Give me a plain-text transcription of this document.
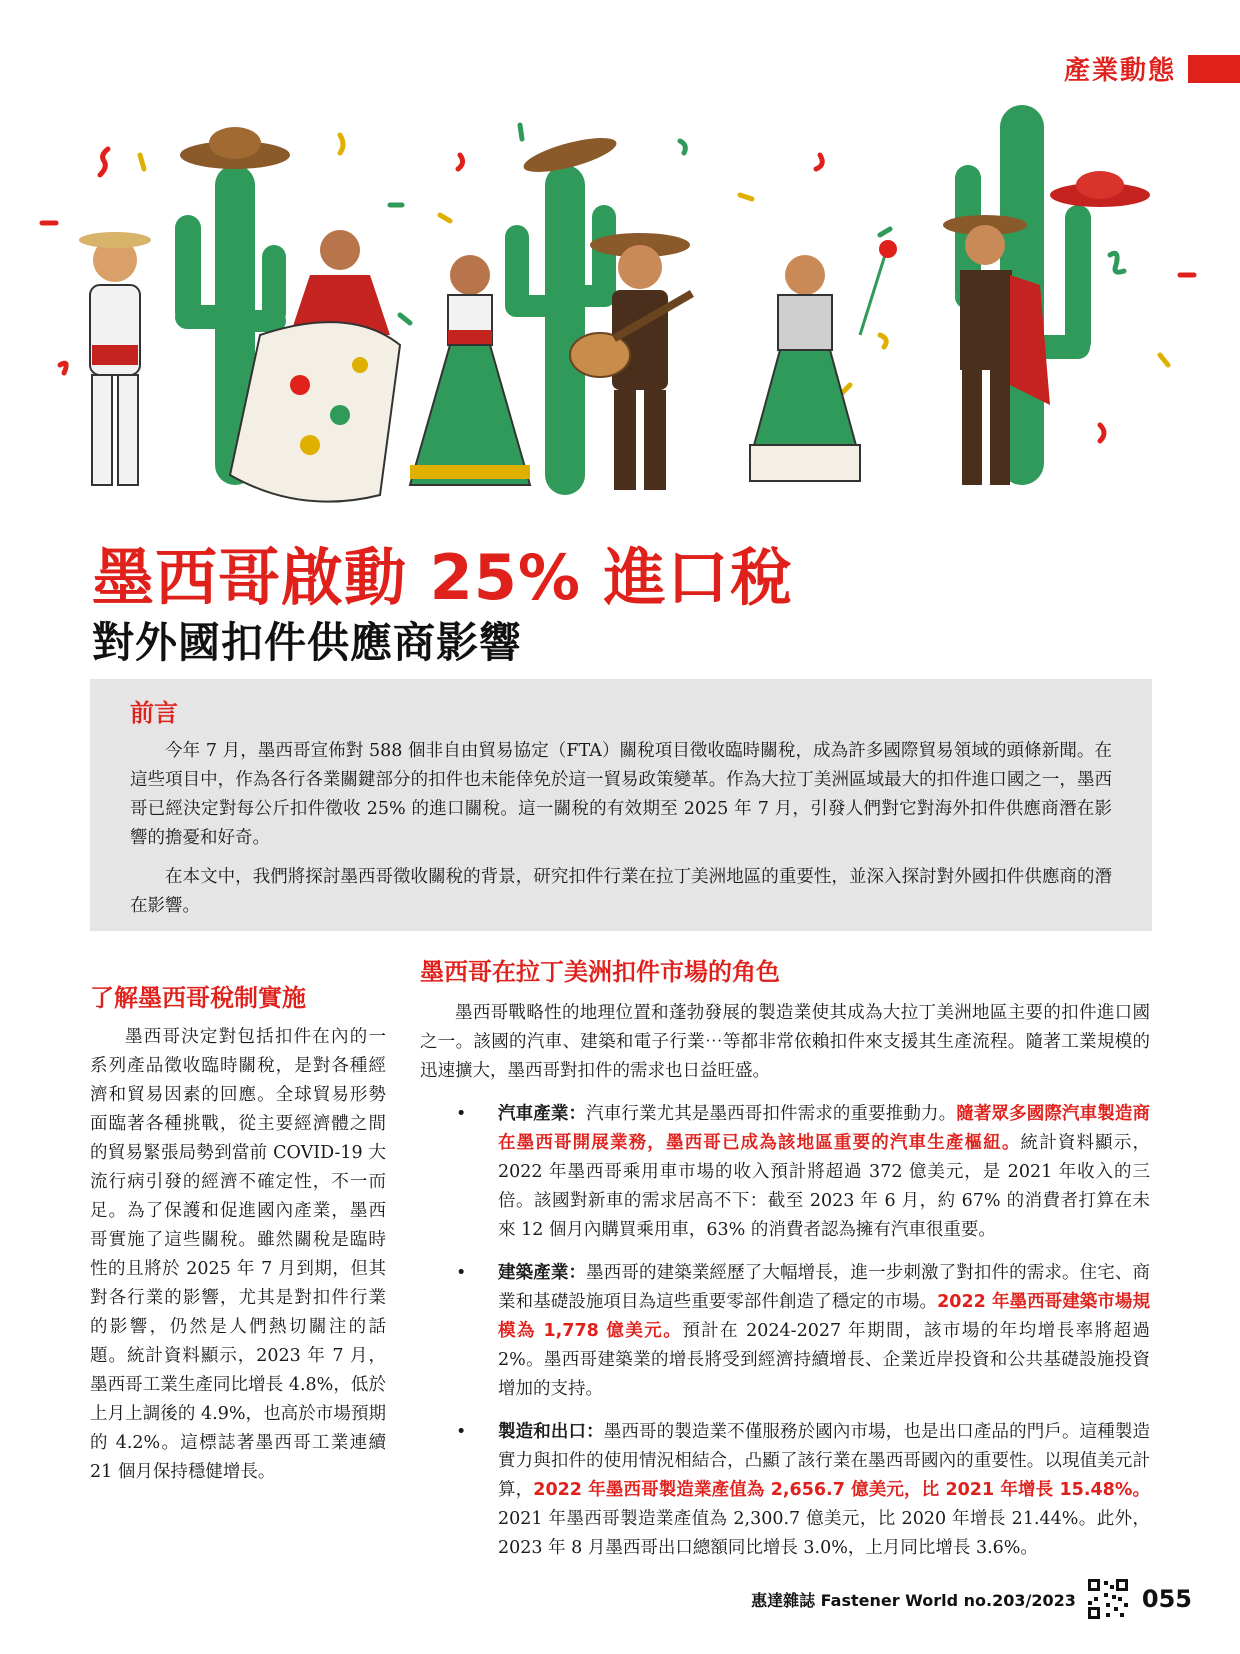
產業動態
墨西哥啟動 25% 進口稅
對外國扣件供應商影響
前言

今年 7 月，墨西哥宣佈對 588 個非自由貿易協定（FTA）關稅項目徵收臨時關稅，成為許多國際貿易領域的頭條新聞。在這些項目中，作為各行各業關鍵部分的扣件也未能倖免於這一貿易政策變革。作為大拉丁美洲區域最大的扣件進口國之一，墨西哥已經決定對每公斤扣件徵收 25% 的進口關稅。這一關稅的有效期至 2025 年 7 月，引發人們對它對海外扣件供應商潛在影響的擔憂和好奇。

在本文中，我們將探討墨西哥徵收關稅的背景，研究扣件行業在拉丁美洲地區的重要性，並深入探討對外國扣件供應商的潛在影響。

了解墨西哥稅制實施

墨西哥決定對包括扣件在內的一系列產品徵收臨時關稅，是對各種經濟和貿易因素的回應。全球貿易形勢面臨著各種挑戰，從主要經濟體之間的貿易緊張局勢到當前 COVID-19 大流行病引發的經濟不確定性，不一而足。為了保護和促進國內產業，墨西哥實施了這些關稅。雖然關稅是臨時性的且將於 2025 年 7 月到期，但其對各行業的影響，尤其是對扣件行業的影響，仍然是人們熱切關注的話題。統計資料顯示，2023 年 7 月，墨西哥工業生產同比增長 4.8%，低於上月上調後的 4.9%，也高於市場預期的 4.2%。這標誌著墨西哥工業連續 21 個月保持穩健增長。

墨西哥在拉丁美洲扣件市場的角色

墨西哥戰略性的地理位置和蓬勃發展的製造業使其成為大拉丁美洲地區主要的扣件進口國之一。該國的汽車、建築和電子行業⋯等都非常依賴扣件來支援其生產流程。隨著工業規模的迅速擴大，墨西哥對扣件的需求也日益旺盛。

• 汽車產業：汽車行業尤其是墨西哥扣件需求的重要推動力。隨著眾多國際汽車製造商在墨西哥開展業務，墨西哥已成為該地區重要的汽車生產樞紐。統計資料顯示，2022 年墨西哥乘用車市場的收入預計將超過 372 億美元，是 2021 年收入的三倍。該國對新車的需求居高不下：截至 2023 年 6 月，約 67% 的消費者打算在未來 12 個月內購買乘用車，63% 的消費者認為擁有汽車很重要。
• 建築產業：墨西哥的建築業經歷了大幅增長，進一步刺激了對扣件的需求。住宅、商業和基礎設施項目為這些重要零部件創造了穩定的市場。2022 年墨西哥建築市場規模為 1,778 億美元。預計在 2024-2027 年期間，該市場的年均增長率將超過 2%。墨西哥建築業的增長將受到經濟持續增長、企業近岸投資和公共基礎設施投資增加的支持。
• 製造和出口：墨西哥的製造業不僅服務於國內市場，也是出口產品的門戶。這種製造實力與扣件的使用情況相結合，凸顯了該行業在墨西哥國內的重要性。以現值美元計算，2022 年墨西哥製造業產值為 2,656.7 億美元，比 2021 年增長 15.48%。2021 年墨西哥製造業產值為 2,300.7 億美元，比 2020 年增長 21.44%。此外，2023 年 8 月墨西哥出口總額同比增長 3.0%，上月同比增長 3.6%。
惠達雜誌 Fastener World no.203/2023	055
